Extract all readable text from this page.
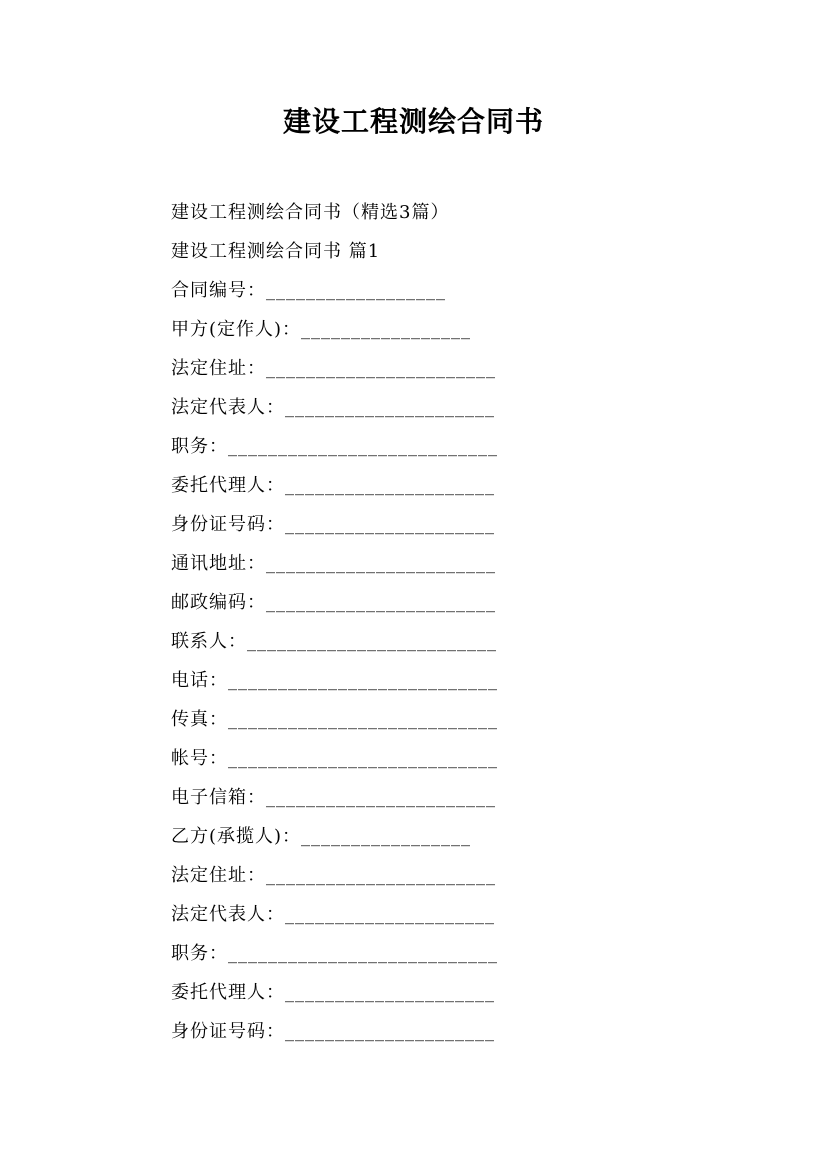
建设工程测绘合同书
建设工程测绘合同书（精选3篇）
建设工程测绘合同书 篇1
合同编号：__________________
甲方(定作人)：_________________
法定住址：_______________________
法定代表人：_____________________
职务：___________________________
委托代理人：_____________________
身份证号码：_____________________
通讯地址：_______________________
邮政编码：_______________________
联系人：_________________________
电话：___________________________
传真：___________________________
帐号：___________________________
电子信箱：_______________________
乙方(承揽人)：_________________
法定住址：_______________________
法定代表人：_____________________
职务：___________________________
委托代理人：_____________________
身份证号码：_____________________
